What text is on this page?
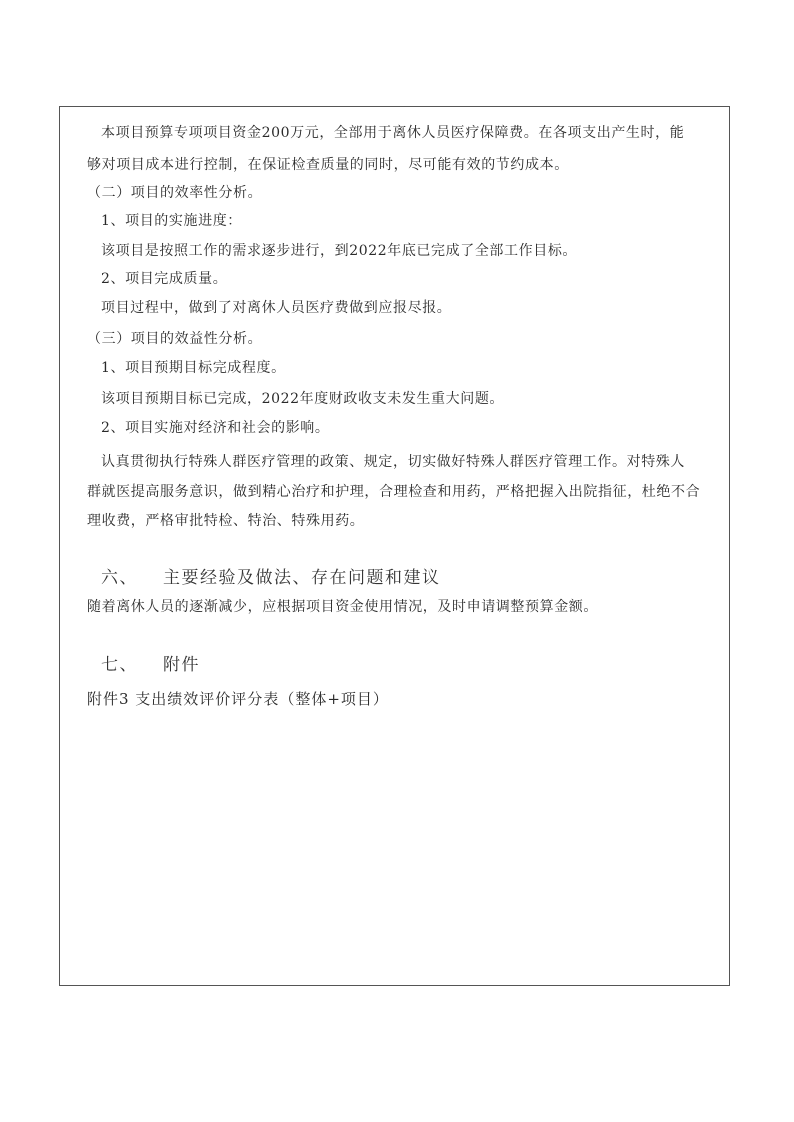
本项目预算专项项目资金200万元，全部用于离休人员医疗保障费。在各项支出产生时，能
够对项目成本进行控制，在保证检查质量的同时，尽可能有效的节约成本。
（二）项目的效率性分析。
1、项目的实施进度：
该项目是按照工作的需求逐步进行，到2022年底已完成了全部工作目标。
2、项目完成质量。
项目过程中，做到了对离休人员医疗费做到应报尽报。
（三）项目的效益性分析。
1、项目预期目标完成程度。
该项目预期目标已完成，2022年度财政收支未发生重大问题。
2、项目实施对经济和社会的影响。
认真贯彻执行特殊人群医疗管理的政策、规定，切实做好特殊人群医疗管理工作。对特殊人
群就医提高服务意识，做到精心治疗和护理，合理检查和用药，严格把握入出院指征，杜绝不合
理收费，严格审批特检、特治、特殊用药。
六、 主要经验及做法、存在问题和建议
随着离休人员的逐渐减少，应根据项目资金使用情况，及时申请调整预算金额。
七、 附件
附件3 支出绩效评价评分表（整体+项目）
